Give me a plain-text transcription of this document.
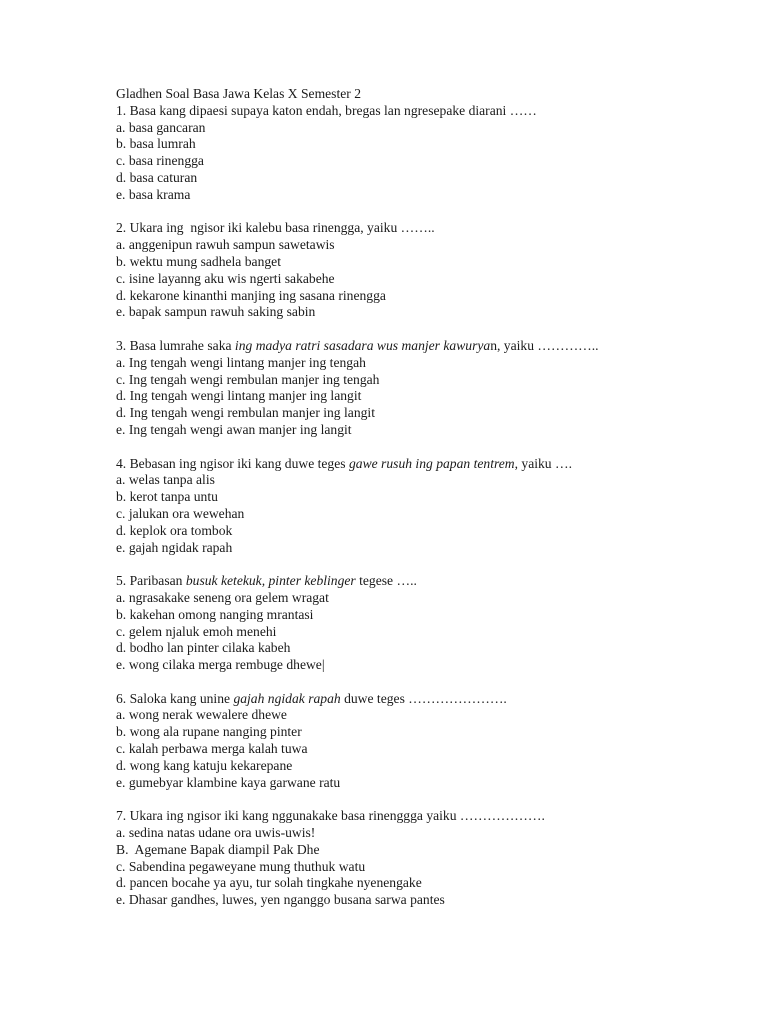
Gladhen Soal Basa Jawa Kelas X Semester 2
1. Basa kang dipaesi supaya katon endah, bregas lan ngresepake diarani ……
a. basa gancaran
b. basa lumrah
c. basa rinengga
d. basa caturan
e. basa krama
2. Ukara ing  ngisor iki kalebu basa rinengga, yaiku ……..
a. anggenipun rawuh sampun sawetawis
b. wektu mung sadhela banget
c. isine layanng aku wis ngerti sakabehe
d. kekarone kinanthi manjing ing sasana rinengga
e. bapak sampun rawuh saking sabin
3. Basa lumrahe saka ing madya ratri sasadara wus manjer kawuryan, yaiku …………..
a. Ing tengah wengi lintang manjer ing tengah
c. Ing tengah wengi rembulan manjer ing tengah
d. Ing tengah wengi lintang manjer ing langit
d. Ing tengah wengi rembulan manjer ing langit
e. Ing tengah wengi awan manjer ing langit
4. Bebasan ing ngisor iki kang duwe teges gawe rusuh ing papan tentrem, yaiku ….
a. welas tanpa alis
b. kerot tanpa untu
c. jalukan ora wewehan
d. keplok ora tombok
e. gajah ngidak rapah
5. Paribasan busuk ketekuk, pinter keblinger tegese …..
a. ngrasakake seneng ora gelem wragat
b. kakehan omong nanging mrantasi
c. gelem njaluk emoh menehi
d. bodho lan pinter cilaka kabeh
e. wong cilaka merga rembuge dhewe|
6. Saloka kang unine gajah ngidak rapah duwe teges ………………….
a. wong nerak wewalere dhewe
b. wong ala rupane nanging pinter
c. kalah perbawa merga kalah tuwa
d. wong kang katuju kekarepane
e. gumebyar klambine kaya garwane ratu
7. Ukara ing ngisor iki kang nggunakake basa rinenggga yaiku ……………….
a. sedina natas udane ora uwis-uwis!
B.  Agemane Bapak diampil Pak Dhe
c. Sabendina pegaweyane mung thuthuk watu
d. pancen bocahe ya ayu, tur solah tingkahe nyenengake
e. Dhasar gandhes, luwes, yen nganggo busana sarwa pantes
